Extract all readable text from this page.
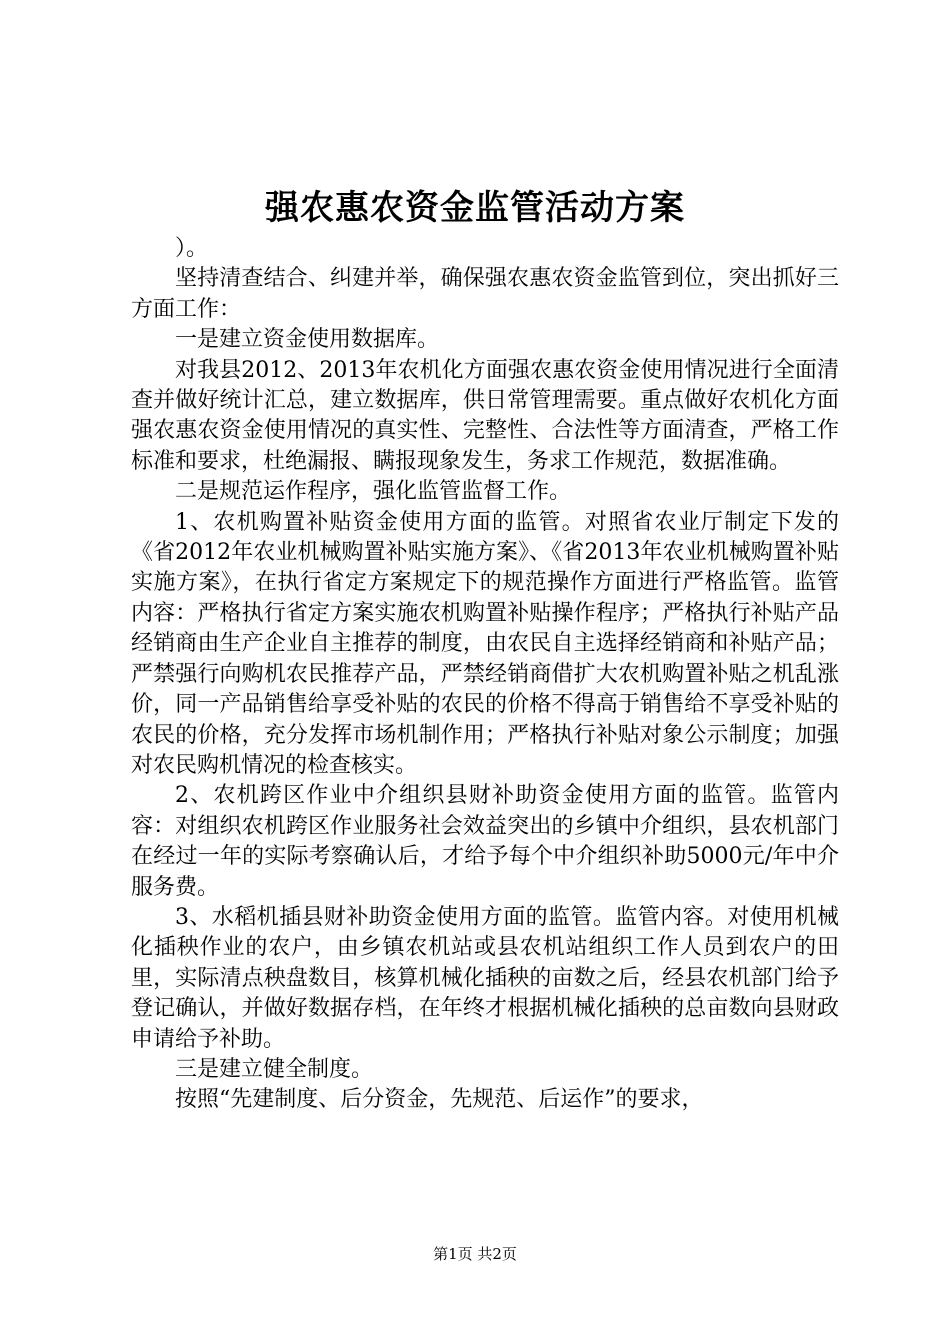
强农惠农资金监管活动方案

）。

坚持清查结合、纠建并举，确保强农惠农资金监管到位，突出抓好三方面工作：

一是建立资金使用数据库。

对我县2012、2013年农机化方面强农惠农资金使用情况进行全面清查并做好统计汇总，建立数据库，供日常管理需要。重点做好农机化方面强农惠农资金使用情况的真实性、完整性、合法性等方面清查，严格工作标准和要求，杜绝漏报、瞒报现象发生，务求工作规范，数据准确。

二是规范运作程序，强化监管监督工作。

1、农机购置补贴资金使用方面的监管。对照省农业厅制定下发的《省2012年农业机械购置补贴实施方案》、《省2013年农业机械购置补贴实施方案》，在执行省定方案规定下的规范操作方面进行严格监管。监管内容：严格执行省定方案实施农机购置补贴操作程序；严格执行补贴产品经销商由生产企业自主推荐的制度，由农民自主选择经销商和补贴产品；严禁强行向购机农民推荐产品，严禁经销商借扩大农机购置补贴之机乱涨价，同一产品销售给享受补贴的农民的价格不得高于销售给不享受补贴的农民的价格，充分发挥市场机制作用；严格执行补贴对象公示制度；加强对农民购机情况的检查核实。

2、农机跨区作业中介组织县财补助资金使用方面的监管。监管内容：对组织农机跨区作业服务社会效益突出的乡镇中介组织，县农机部门在经过一年的实际考察确认后，才给予每个中介组织补助5000元/年中介服务费。

3、水稻机插县财补助资金使用方面的监管。监管内容。对使用机械化插秧作业的农户，由乡镇农机站或县农机站组织工作人员到农户的田里，实际清点秧盘数目，核算机械化插秧的亩数之后，经县农机部门给予登记确认，并做好数据存档，在年终才根据机械化插秧的总亩数向县财政申请给予补助。

三是建立健全制度。

按照“先建制度、后分资金，先规范、后运作”的要求，

第1页 共2页
